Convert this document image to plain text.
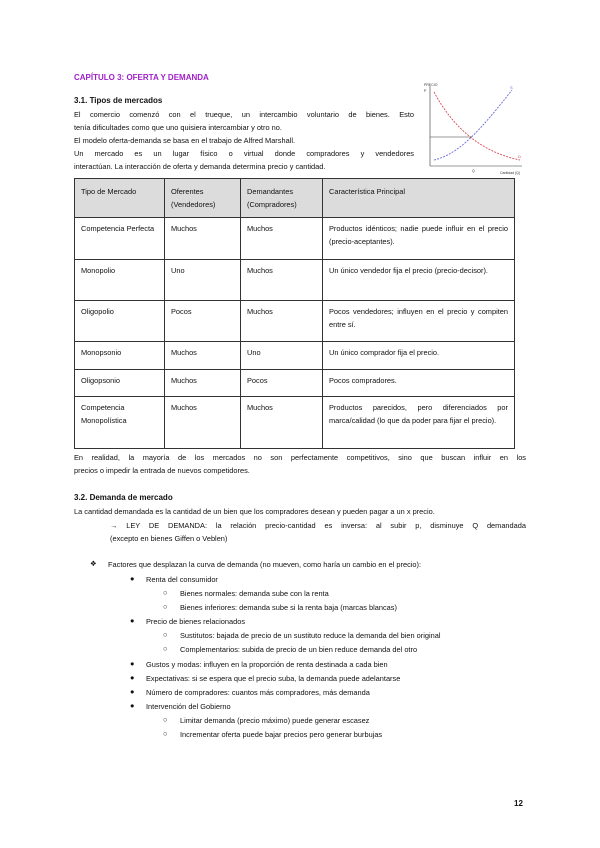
CAPÍTULO 3: OFERTA Y DEMANDA
3.1. Tipos de mercados
El comercio comenzó con el trueque, un intercambio voluntario de bienes. Esto
tenía dificultades como que uno quisiera intercambiar y otro no.
El modelo oferta-demanda se basa en el trabajo de Alfred Marshall.
Un mercado es un lugar físico o virtual donde compradores y vendedores
interactúan. La interacción de oferta y demanda determina precio y cantidad.
PRECIO
P
Cantidad (Q)
Q
S
D
Tipo de Mercado	Oferentes (Vendedores)	Demandantes (Compradores)	Característica Principal
Competencia Perfecta	Muchos	Muchos	Productos idénticos; nadie puede influir en el precio (precio-aceptantes).
Monopolio	Uno	Muchos	Un único vendedor fija el precio (precio-decisor).
Oligopolio	Pocos	Muchos	Pocos vendedores; influyen en el precio y compiten entre sí.
Monopsonio	Muchos	Uno	Un único comprador fija el precio.
Oligopsonio	Muchos	Pocos	Pocos compradores.
Competencia Monopolística	Muchos	Muchos	Productos parecidos, pero diferenciados por marca/calidad (lo que da poder para fijar el precio).
En realidad, la mayoría de los mercados no son perfectamente competitivos, sino que buscan influir en los
precios o impedir la entrada de nuevos competidores.
3.2. Demanda de mercado
La cantidad demandada es la cantidad de un bien que los compradores desean y pueden pagar a un x precio.
→ LEY DE DEMANDA: la relación precio-cantidad es inversa: al subir p, disminuye Q demandada
(excepto en bienes Giffen o Veblen)
❖ Factores que desplazan la curva de demanda (no mueven, como haría un cambio en el precio):
● Renta del consumidor
○ Bienes normales: demanda sube con la renta
○ Bienes inferiores: demanda sube si la renta baja (marcas blancas)
● Precio de bienes relacionados
○ Sustitutos: bajada de precio de un sustituto reduce la demanda del bien original
○ Complementarios: subida de precio de un bien reduce demanda del otro
● Gustos y modas: influyen en la proporción de renta destinada a cada bien
● Expectativas: si se espera que el precio suba, la demanda puede adelantarse
● Número de compradores: cuantos más compradores, más demanda
● Intervención del Gobierno
○ Limitar demanda (precio máximo) puede generar escasez
○ Incrementar oferta puede bajar precios pero generar burbujas
12
